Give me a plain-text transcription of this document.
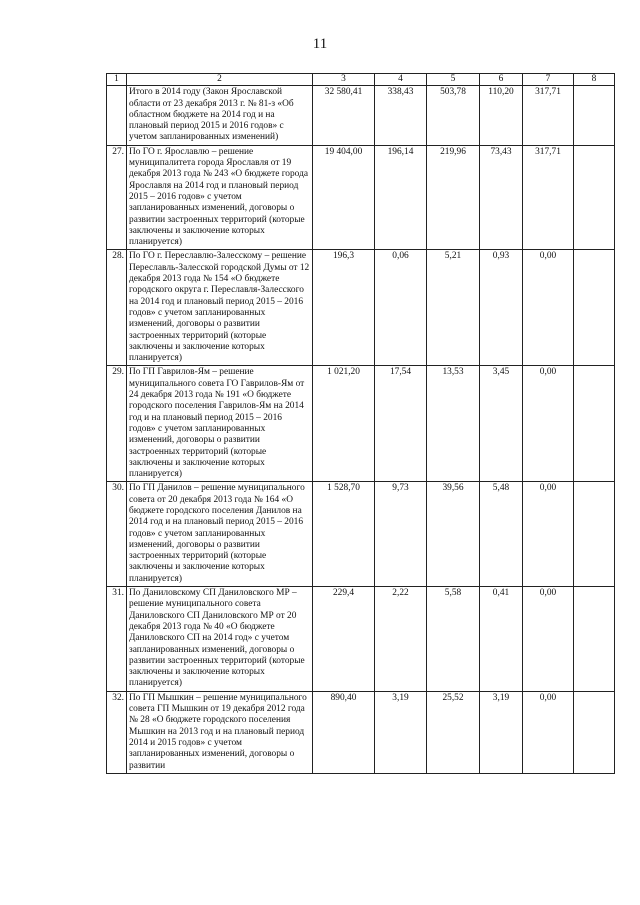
11
1	2	3	4	5	6	7	8
	Итого в 2014 году (Закон Ярославской области от 23 декабря 2013 г. № 81-з «Об областном бюджете на 2014 год и на плановый период 2015 и 2016 годов» с учетом запланированных изменений)	32 580,41	338,43	503,78	110,20	317,71	
27.	По ГО г. Ярославлю – решение муниципалитета города Ярославля от 19 декабря 2013 года № 243 «О бюджете города Ярославля на 2014 год и плановый период 2015 – 2016 годов» с учетом запланированных изменений, договоры о развитии застроенных территорий (которые заключены и заключение которых планируется)	19 404,00	196,14	219,96	73,43	317,71	
28.	По ГО г. Переславлю-Залесскому – решение Переславль-Залесской городской Думы от 12 декабря 2013 года № 154 «О бюджете городского округа г. Переславля-Залесского на 2014 год и плановый период 2015 – 2016 годов» с учетом запланированных изменений, договоры о развитии застроенных территорий (которые заключены и заключение которых планируется)	196,3	0,06	5,21	0,93	0,00	
29.	По ГП Гаврилов-Ям – решение муниципального совета ГО Гаврилов-Ям от 24 декабря 2013 года № 191 «О бюджете городского поселения Гаврилов-Ям на 2014 год и на плановый период 2015 – 2016 годов» с учетом запланированных изменений, договоры о развитии застроенных территорий (которые заключены и заключение которых планируется)	1 021,20	17,54	13,53	3,45	0,00	
30.	По ГП Данилов – решение муниципального совета от 20 декабря 2013 года № 164 «О бюджете городского поселения Данилов на 2014 год и на плановый период 2015 – 2016 годов» с учетом запланированных изменений, договоры о развитии застроенных территорий (которые заключены и заключение которых планируется)	1 528,70	9,73	39,56	5,48	0,00	
31.	По Даниловскому СП Даниловского МР – решение муниципального совета Даниловского СП Даниловского МР от 20 декабря 2013 года № 40 «О бюджете Даниловского СП на 2014 год» с учетом запланированных изменений, договоры о развитии застроенных территорий (которые заключены и заключение которых планируется)	229,4	2,22	5,58	0,41	0,00	
32.	По ГП Мышкин – решение муниципального совета ГП Мышкин от 19 декабря 2012 года № 28 «О бюджете городского поселения Мышкин на 2013 год и на плановый период 2014 и 2015 годов» с учетом запланированных изменений, договоры о развитии	890,40	3,19	25,52	3,19	0,00	
